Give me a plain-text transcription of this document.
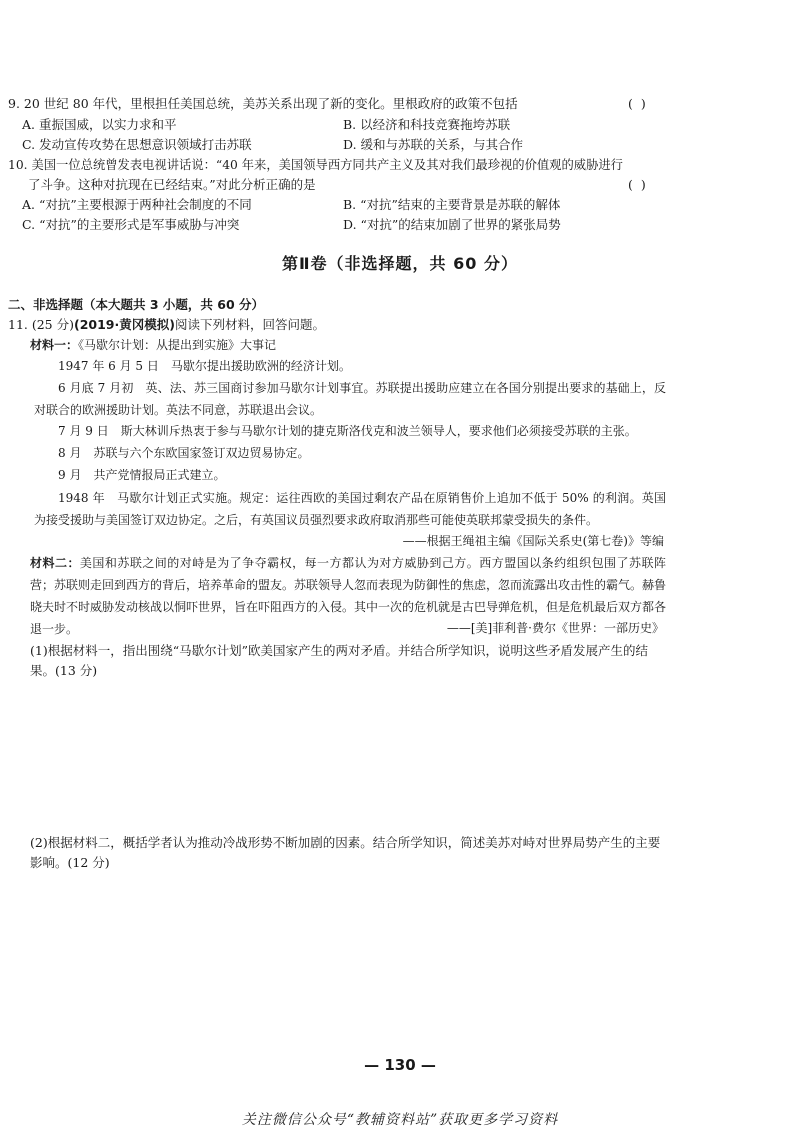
9. 20 世纪 80 年代，里根担任美国总统，美苏关系出现了新的变化。里根政府的政策不包括	( )
A. 重振国威，以实力求和平	B. 以经济和科技竞赛拖垮苏联
C. 发动宣传攻势在思想意识领域打击苏联	D. 缓和与苏联的关系，与其合作
10. 美国一位总统曾发表电视讲话说：“40 年来，美国领导西方同共产主义及其对我们最珍视的价值观的威胁进行
了斗争。这种对抗现在已经结束。”对此分析正确的是	( )
A. “对抗”主要根源于两种社会制度的不同	B. “对抗”结束的主要背景是苏联的解体
C. “对抗”的主要形式是军事威胁与冲突	D. “对抗”的结束加剧了世界的紧张局势
第Ⅱ卷（非选择题，共 60 分）
二、非选择题（本大题共 3 小题，共 60 分）
11. (25 分)(2019·黄冈模拟)阅读下列材料，回答问题。
材料一：《马歇尔计划：从提出到实施》大事记
1947 年 6 月 5 日　马歇尔提出援助欧洲的经济计划。
6 月底 7 月初　英、法、苏三国商讨参加马歇尔计划事宜。苏联提出援助应建立在各国分别提出要求的基础上，反对联合的欧洲援助计划。英法不同意，苏联退出会议。
7 月 9 日　斯大林训斥热衷于参与马歇尔计划的捷克斯洛伐克和波兰领导人，要求他们必须接受苏联的主张。
8 月　苏联与六个东欧国家签订双边贸易协定。
9 月　共产党情报局正式建立。
1948 年　马歇尔计划正式实施。规定：运往西欧的美国过剩农产品在原销售价上追加不低于 50% 的利润。英国为接受援助与美国签订双边协定。之后，有英国议员强烈要求政府取消那些可能使英联邦蒙受损失的条件。
——根据王绳祖主编《国际关系史(第七卷)》等编
材料二：美国和苏联之间的对峙是为了争夺霸权，每一方都认为对方威胁到己方。西方盟国以条约组织包围了苏联阵营；苏联则走回到西方的背后，培养革命的盟友。苏联领导人忽而表现为防御性的焦虑，忽而流露出攻击性的霸气。赫鲁晓夫时不时威胁发动核战以恫吓世界，旨在吓阻西方的入侵。其中一次的危机就是古巴导弹危机，但是危机最后双方都各退一步。	——[美]菲利普·费尔《世界：一部历史》
(1)根据材料一，指出围绕“马歇尔计划”欧美国家产生的两对矛盾。并结合所学知识，说明这些矛盾发展产生的结果。(13 分)
(2)根据材料二，概括学者认为推动冷战形势不断加剧的因素。结合所学知识，简述美苏对峙对世界局势产生的主要影响。(12 分)
— 130 —
关注微信公众号“教辅资料站”获取更多学习资料
